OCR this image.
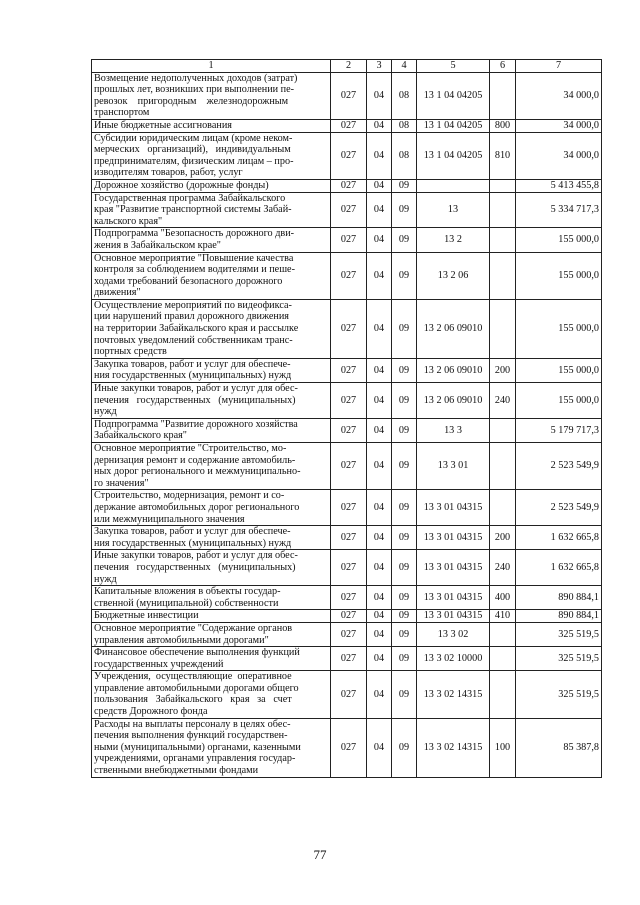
1	2	3	4	5	6	7
Возмещение недополученных доходов (затрат)
прошлых лет, возникших при выполнении пе-
ревозок    пригородным    железнодорожным
транспортом	027	04	08	13 1 04 04205		34 000,0
Иные бюджетные ассигнования	027	04	08	13 1 04 04205	800	34 000,0
Субсидии юридическим лицам (кроме неком-
мерческих   организаций),   индивидуальным
предпринимателям, физическим лицам – про-
изводителям товаров, работ, услуг	027	04	08	13 1 04 04205	810	34 000,0
Дорожное хозяйство (дорожные фонды)	027	04	09			5 413 455,8
Государственная программа Забайкальского
края "Развитие транспортной системы Забай-
кальского края"	027	04	09	13		5 334 717,3
Подпрограмма "Безопасность дорожного дви-
жения в Забайкальском крае"	027	04	09	13 2		155 000,0
Основное мероприятие "Повышение качества
контроля за соблюдением водителями и пеше-
ходами требований безопасного дорожного
движения"	027	04	09	13 2 06		155 000,0
Осуществление мероприятий по видеофикса-
ции нарушений правил дорожного движения
на территории Забайкальского края и рассылке
почтовых уведомлений собственникам транс-
портных средств	027	04	09	13 2 06 09010		155 000,0
Закупка товаров, работ и услуг для обеспече-
ния государственных (муниципальных) нужд	027	04	09	13 2 06 09010	200	155 000,0
Иные закупки товаров, работ и услуг для обес-
печения   государственных   (муниципальных)
нужд	027	04	09	13 2 06 09010	240	155 000,0
Подпрограмма "Развитие дорожного хозяйства
Забайкальского края"	027	04	09	13 3		5 179 717,3
Основное мероприятие "Строительство, мо-
дернизация ремонт и содержание автомобиль-
ных дорог регионального и межмуниципально-
го значения"	027	04	09	13 3 01		2 523 549,9
Строительство, модернизация, ремонт и со-
держание автомобильных дорог регионального
или межмуниципального значения	027	04	09	13 3 01 04315		2 523 549,9
Закупка товаров, работ и услуг для обеспече-
ния государственных (муниципальных) нужд	027	04	09	13 3 01 04315	200	1 632 665,8
Иные закупки товаров, работ и услуг для обес-
печения   государственных   (муниципальных)
нужд	027	04	09	13 3 01 04315	240	1 632 665,8
Капитальные вложения в объекты государ-
ственной (муниципальной) собственности	027	04	09	13 3 01 04315	400	890 884,1
Бюджетные инвестиции	027	04	09	13 3 01 04315	410	890 884,1
Основное мероприятие "Содержание органов
управления автомобильными дорогами"	027	04	09	13 3 02		325 519,5
Финансовое обеспечение выполнения функций
государственных учреждений	027	04	09	13 3 02 10000		325 519,5
Учреждения,  осуществляющие  оперативное
управление автомобильными дорогами общего
пользования   Забайкальского   края   за   счет
средств Дорожного фонда	027	04	09	13 3 02 14315		325 519,5
Расходы на выплаты персоналу в целях обес-
печения выполнения функций государствен-
ными (муниципальными) органами, казенными
учреждениями, органами управления государ-
ственными внебюджетными фондами	027	04	09	13 3 02 14315	100	85 387,8
77
